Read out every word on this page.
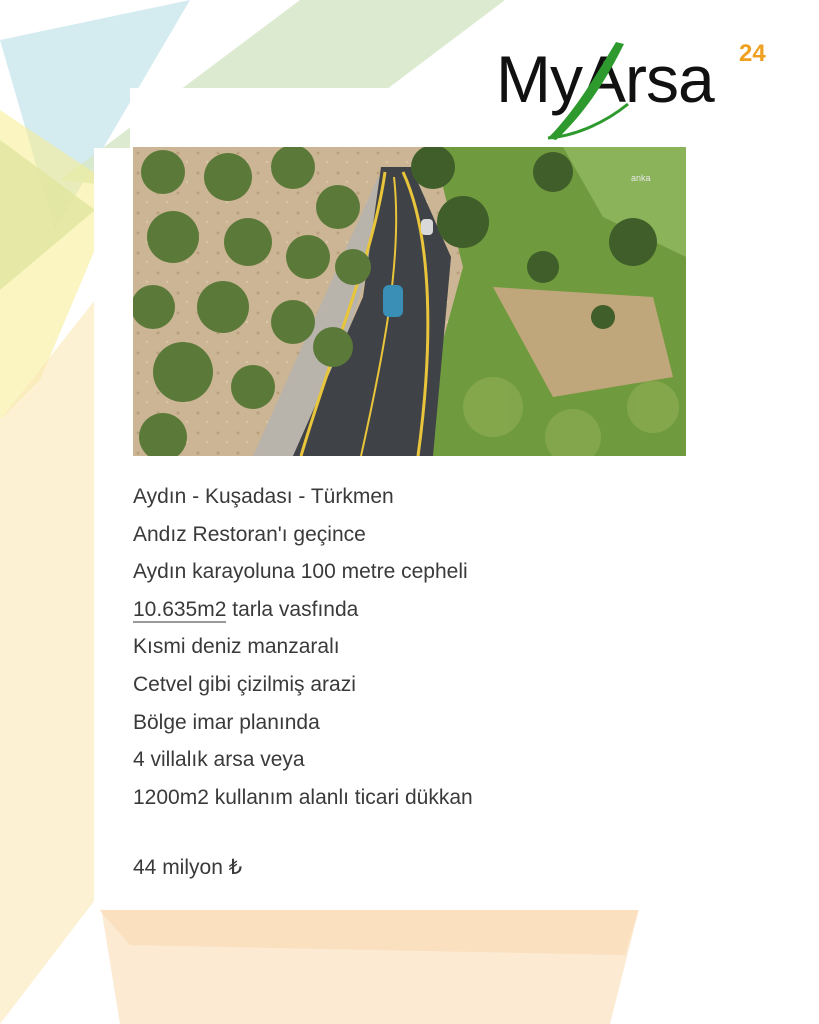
MyArsa 24
anka
Aydın - Kuşadası - Türkmen
Andız Restoran'ı geçince
Aydın karayoluna 100 metre cepheli
10.635m2 tarla vasfında
Kısmi deniz manzaralı
Cetvel gibi çizilmiş arazi
Bölge imar planında
4 villalık arsa veya
1200m2 kullanım alanlı ticari dükkan
44 milyon ₺
